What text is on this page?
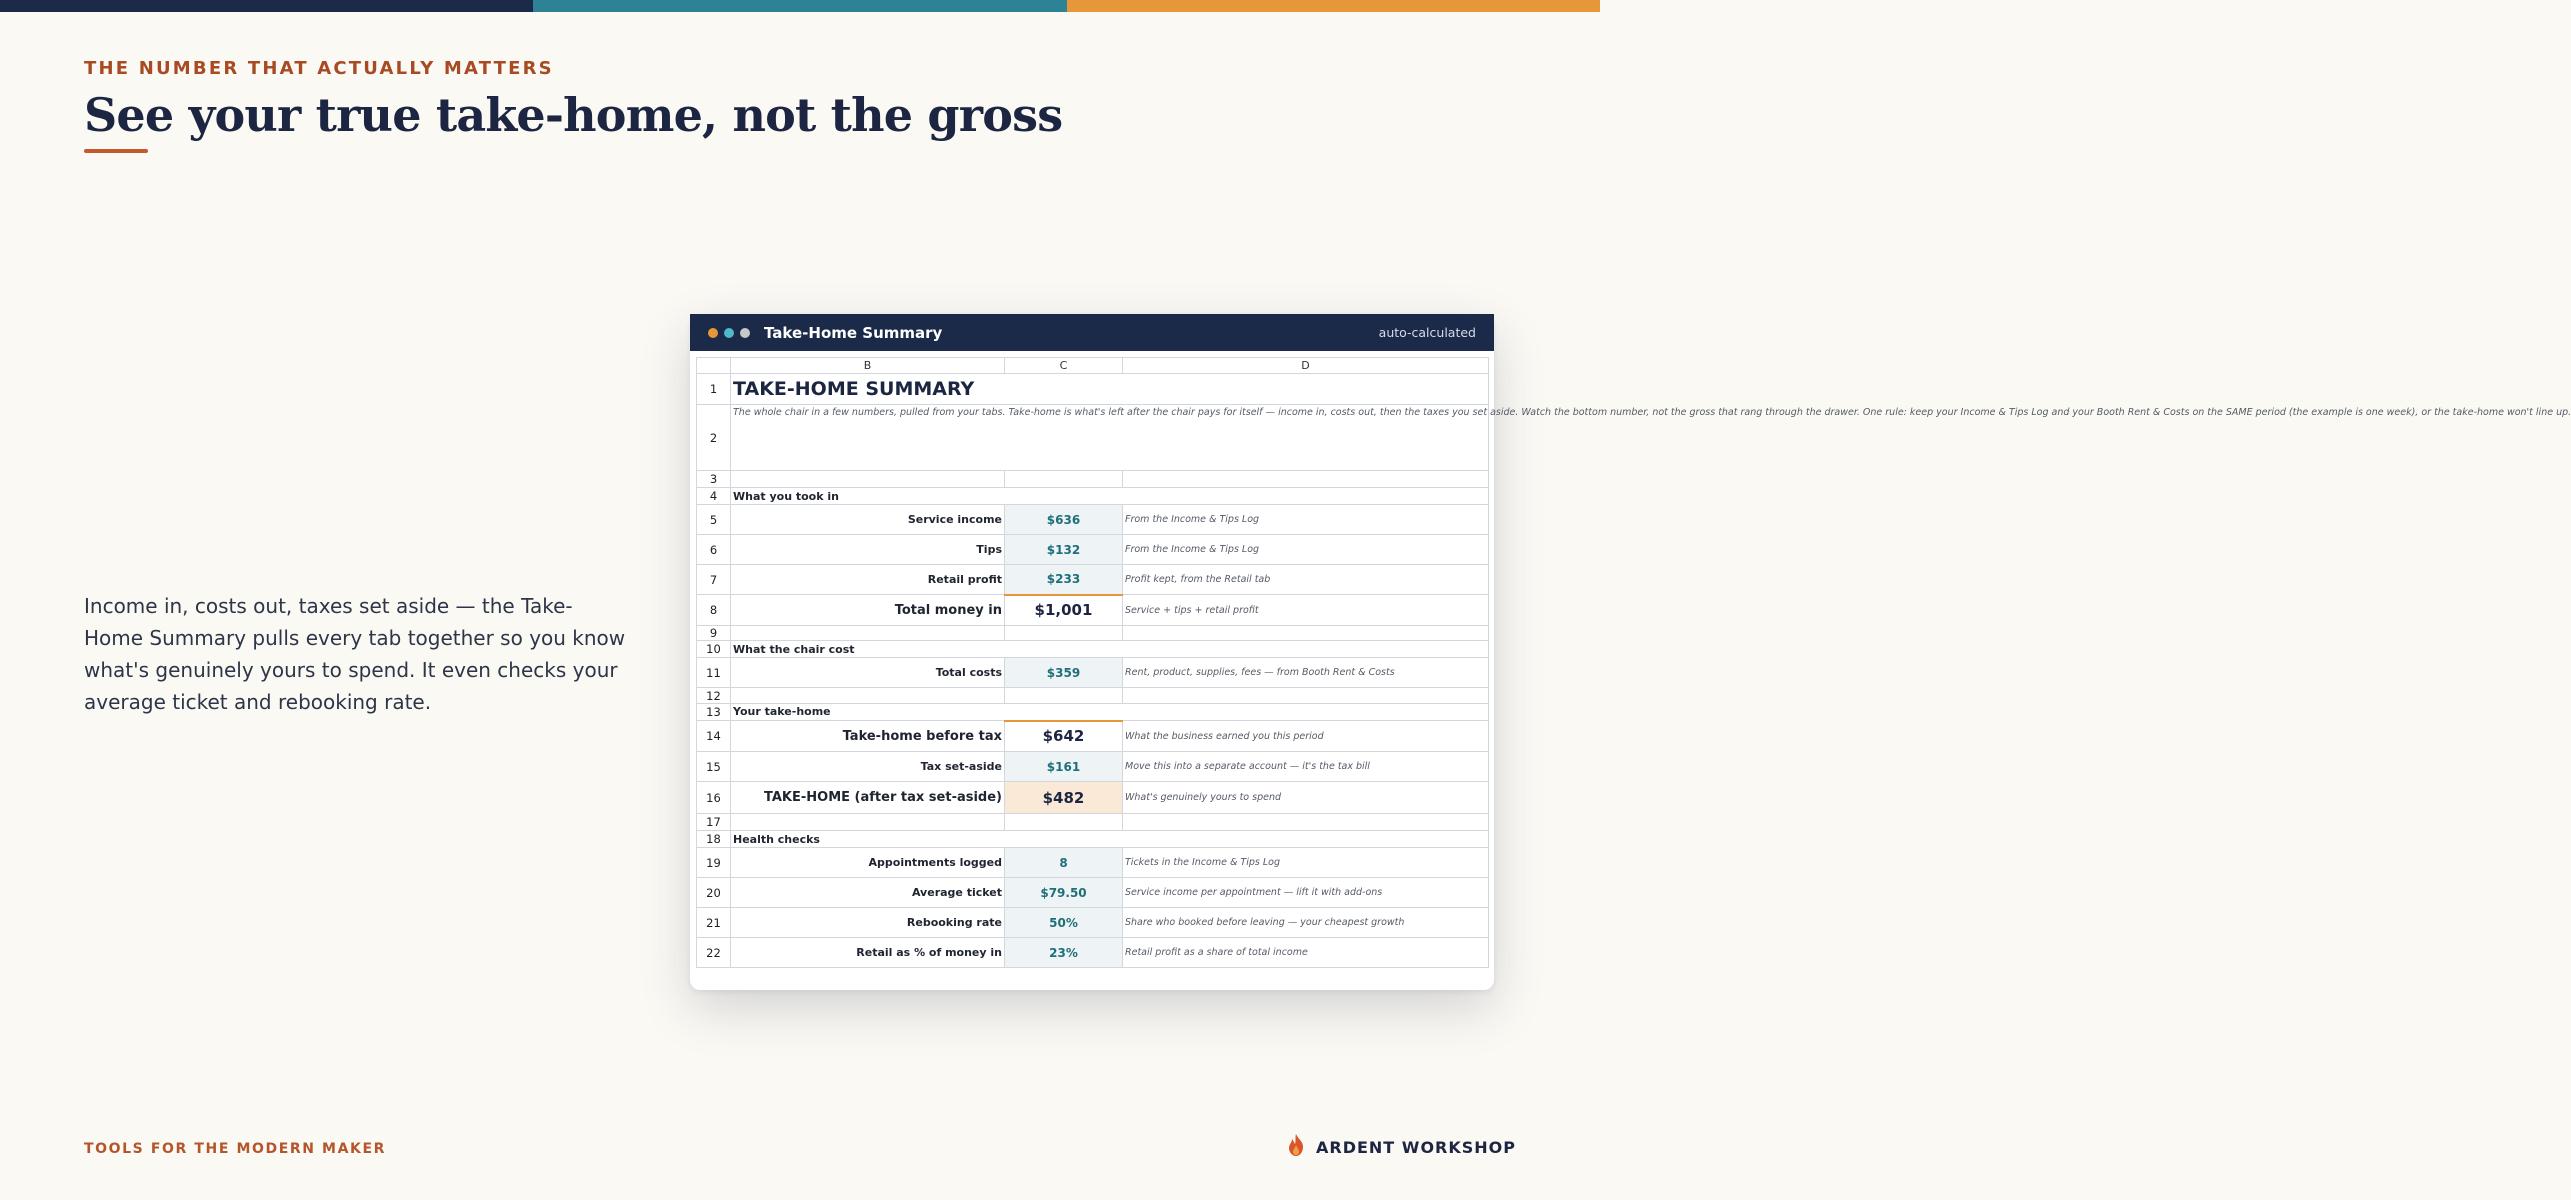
THE NUMBER THAT ACTUALLY MATTERS
See your true take-home, not the gross

Income in, costs out, taxes set aside — the Take-Home Summary pulls every tab together so you know what's genuinely yours to spend. It even checks your average ticket and rebooking rate.

Take-Home Summary	auto-calculated
	B	C	D
1	TAKE-HOME SUMMARY		
2	The whole chair in a few numbers, pulled from your tabs. Take-home is what's left after the chair pays for itself — income in, costs out, then the taxes you set aside. Watch the bottom number, not the gross that rang through the drawer. One rule: keep your Income & Tips Log and your Booth Rent & Costs on the SAME period (the example is one week), or the take-home won't line up.		
3			
4	What you took in		
5	Service income	$636	From the Income & Tips Log
6	Tips	$132	From the Income & Tips Log
7	Retail profit	$233	Profit kept, from the Retail tab
8	Total money in	$1,001	Service + tips + retail profit
9			
10	What the chair cost		
11	Total costs	$359	Rent, product, supplies, fees — from Booth Rent & Costs
12			
13	Your take-home		
14	Take-home before tax	$642	What the business earned you this period
15	Tax set-aside	$161	Move this into a separate account — it's the tax bill
16	TAKE-HOME (after tax set-aside)	$482	What's genuinely yours to spend
17			
18	Health checks		
19	Appointments logged	8	Tickets in the Income & Tips Log
20	Average ticket	$79.50	Service income per appointment — lift it with add-ons
21	Rebooking rate	50%	Share who booked before leaving — your cheapest growth
22	Retail as % of money in	23%	Retail profit as a share of total income
TOOLS FOR THE MODERN MAKER	ARDENT WORKSHOP
